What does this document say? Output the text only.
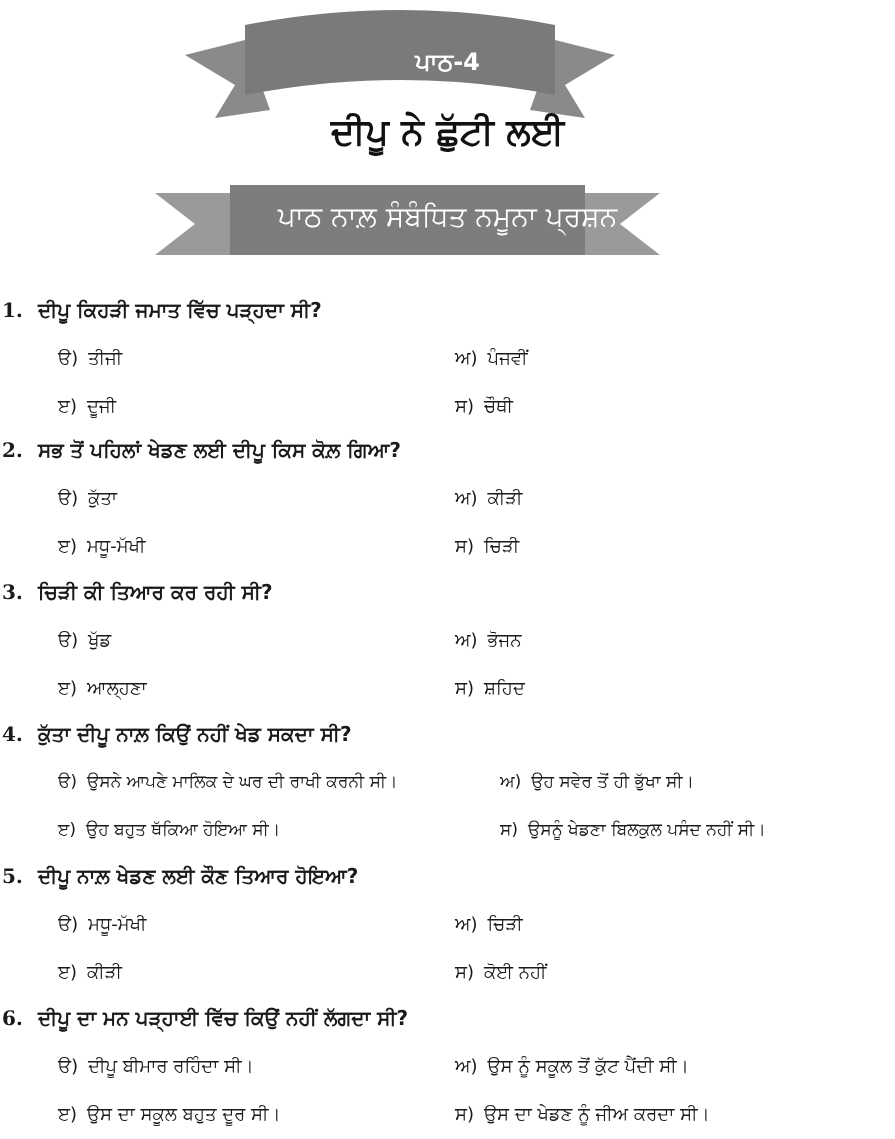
ਪਾਠ-4
ਦੀਪੂ ਨੇ ਛੁੱਟੀ ਲਈ
ਪਾਠ ਨਾਲ਼ ਸੰਬੰਧਿਤ ਨਮੂਨਾ ਪ੍ਰਸ਼ਨ
1. ਦੀਪੂ ਕਿਹੜੀ ਜਮਾਤ ਵਿੱਚ ਪੜ੍ਹਦਾ ਸੀ?
ੳ) ਤੀਜੀ	ਅ) ਪੰਜਵੀਂ
ੲ) ਦੂਜੀ	ਸ) ਚੌਥੀ
2. ਸਭ ਤੋਂ ਪਹਿਲਾਂ ਖੇਡਣ ਲਈ ਦੀਪੂ ਕਿਸ ਕੋਲ਼ ਗਿਆ?
ੳ) ਕੁੱਤਾ	ਅ) ਕੀੜੀ
ੲ) ਮਧੂ-ਮੱਖੀ	ਸ) ਚਿੜੀ
3. ਚਿੜੀ ਕੀ ਤਿਆਰ ਕਰ ਰਹੀ ਸੀ?
ੳ) ਖੁੱਡ	ਅ) ਭੋਜਨ
ੲ) ਆਲ੍ਹਣਾ	ਸ) ਸ਼ਹਿਦ
4. ਕੁੱਤਾ ਦੀਪੂ ਨਾਲ਼ ਕਿਉਂ ਨਹੀਂ ਖੇਡ ਸਕਦਾ ਸੀ?
ੳ) ਉਸਨੇ ਆਪਣੇ ਮਾਲਿਕ ਦੇ ਘਰ ਦੀ ਰਾਖੀ ਕਰਨੀ ਸੀ।	ਅ) ਉਹ ਸਵੇਰ ਤੋਂ ਹੀ ਭੁੱਖਾ ਸੀ।
ੲ) ਉਹ ਬਹੁਤ ਥੱਕਿਆ ਹੋਇਆ ਸੀ।	ਸ) ਉਸਨੂੰ ਖੇਡਣਾ ਬਿਲਕੁਲ ਪਸੰਦ ਨਹੀਂ ਸੀ।
5. ਦੀਪੂ ਨਾਲ਼ ਖੇਡਣ ਲਈ ਕੌਣ ਤਿਆਰ ਹੋਇਆ?
ੳ) ਮਧੂ-ਮੱਖੀ	ਅ) ਚਿੜੀ
ੲ) ਕੀੜੀ	ਸ) ਕੋਈ ਨਹੀਂ
6. ਦੀਪੂ ਦਾ ਮਨ ਪੜ੍ਹਾਈ ਵਿੱਚ ਕਿਉਂ ਨਹੀਂ ਲੱਗਦਾ ਸੀ?
ੳ) ਦੀਪੂ ਬੀਮਾਰ ਰਹਿੰਦਾ ਸੀ।	ਅ) ਉਸ ਨੂੰ ਸਕੂਲ ਤੋਂ ਕੁੱਟ ਪੈਂਦੀ ਸੀ।
ੲ) ਉਸ ਦਾ ਸਕੂਲ ਬਹੁਤ ਦੂਰ ਸੀ।	ਸ) ਉਸ ਦਾ ਖੇਡਣ ਨੂੰ ਜੀਅ ਕਰਦਾ ਸੀ।
